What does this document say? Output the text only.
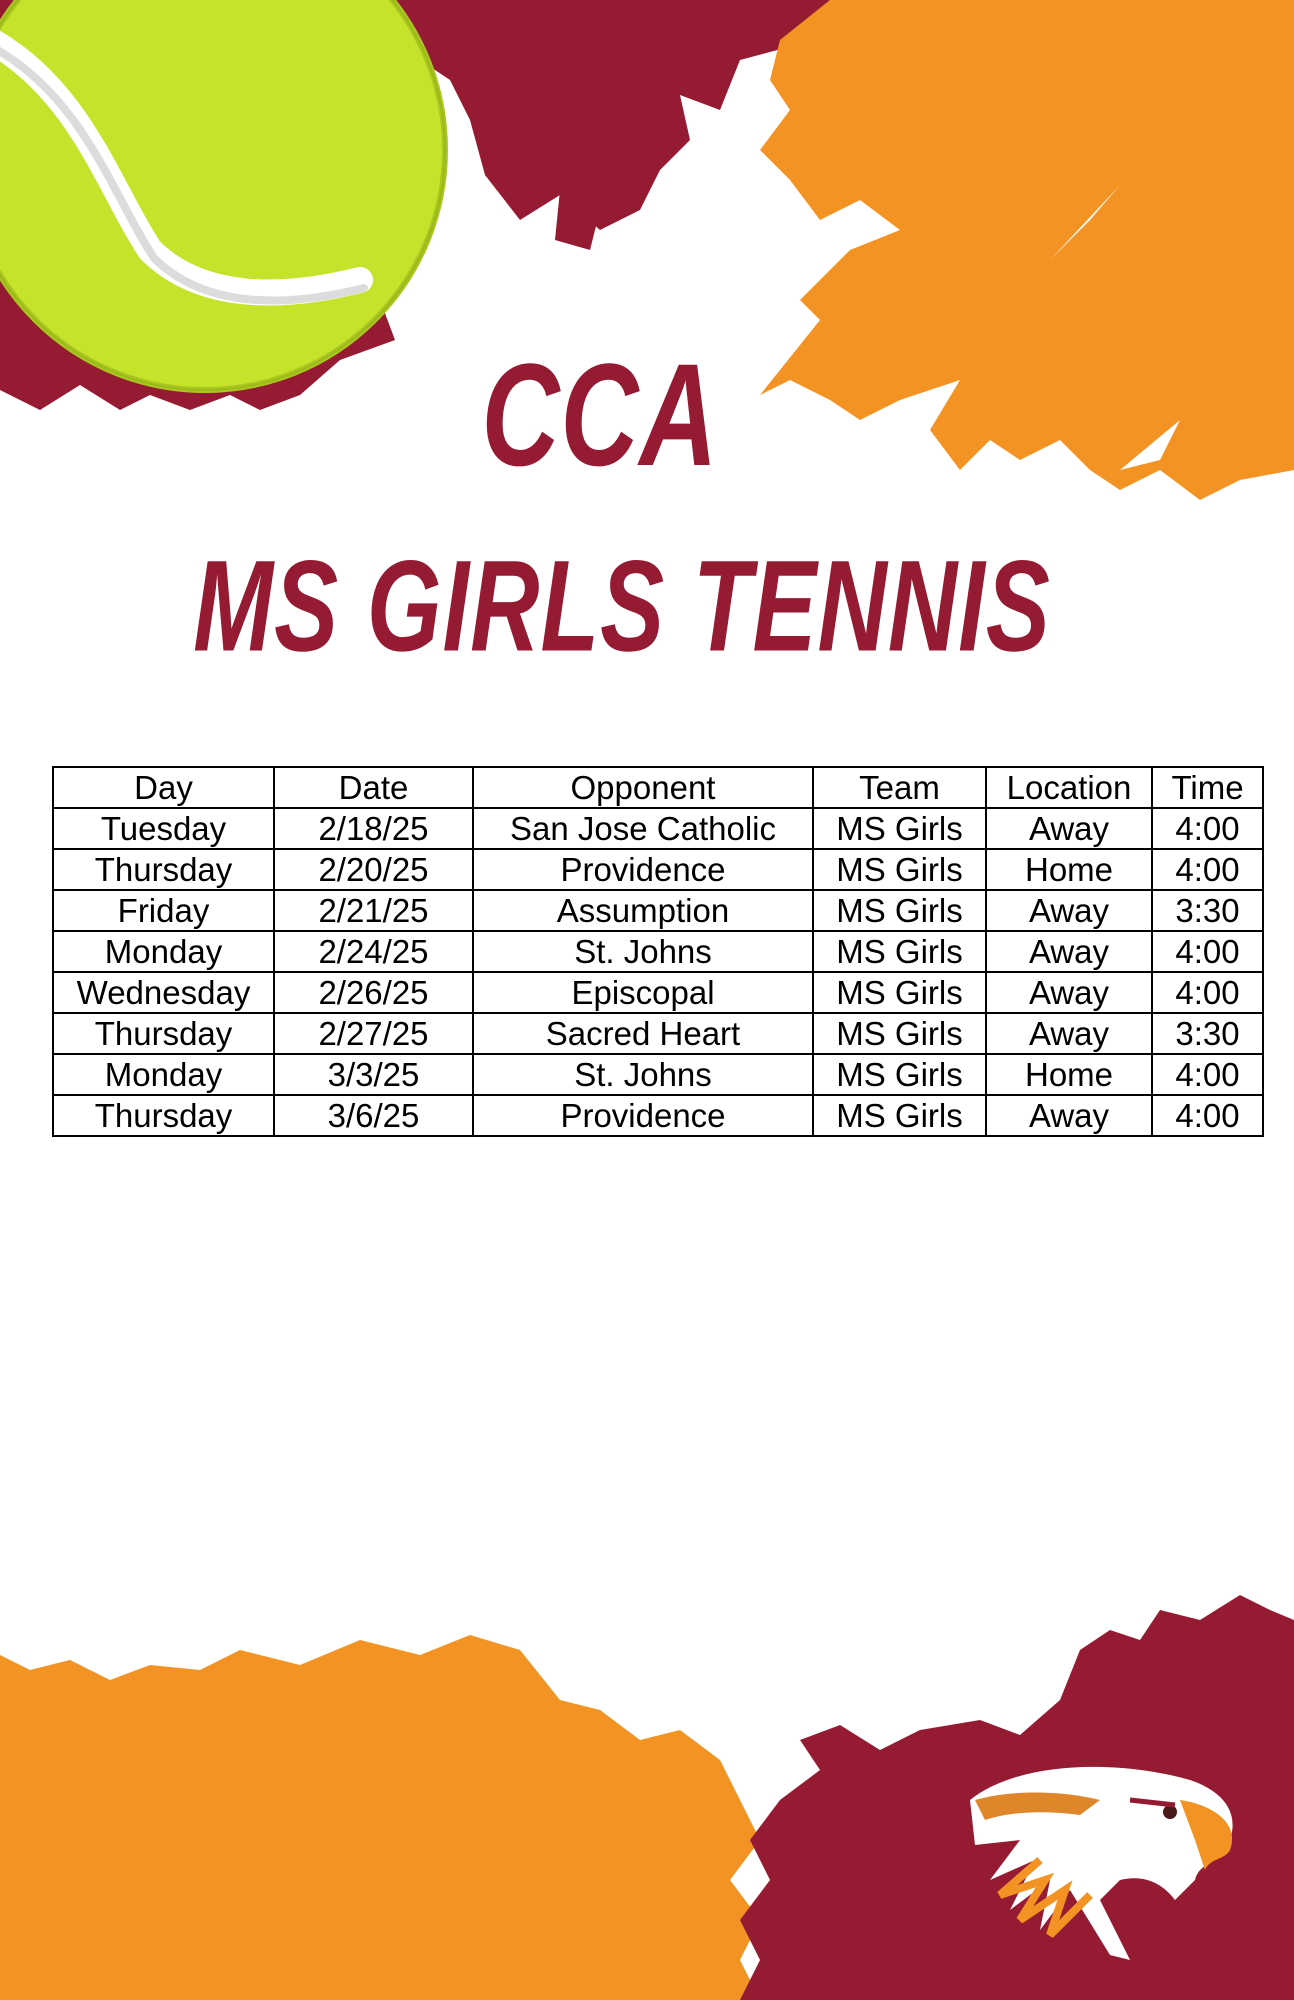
CCA
MS GIRLS TENNIS
Day	Date	Opponent	Team	Location	Time
Tuesday	2/18/25	San Jose Catholic	MS Girls	Away	4:00
Thursday	2/20/25	Providence	MS Girls	Home	4:00
Friday	2/21/25	Assumption	MS Girls	Away	3:30
Monday	2/24/25	St. Johns	MS Girls	Away	4:00
Wednesday	2/26/25	Episcopal	MS Girls	Away	4:00
Thursday	2/27/25	Sacred Heart	MS Girls	Away	3:30
Monday	3/3/25	St. Johns	MS Girls	Home	4:00
Thursday	3/6/25	Providence	MS Girls	Away	4:00
